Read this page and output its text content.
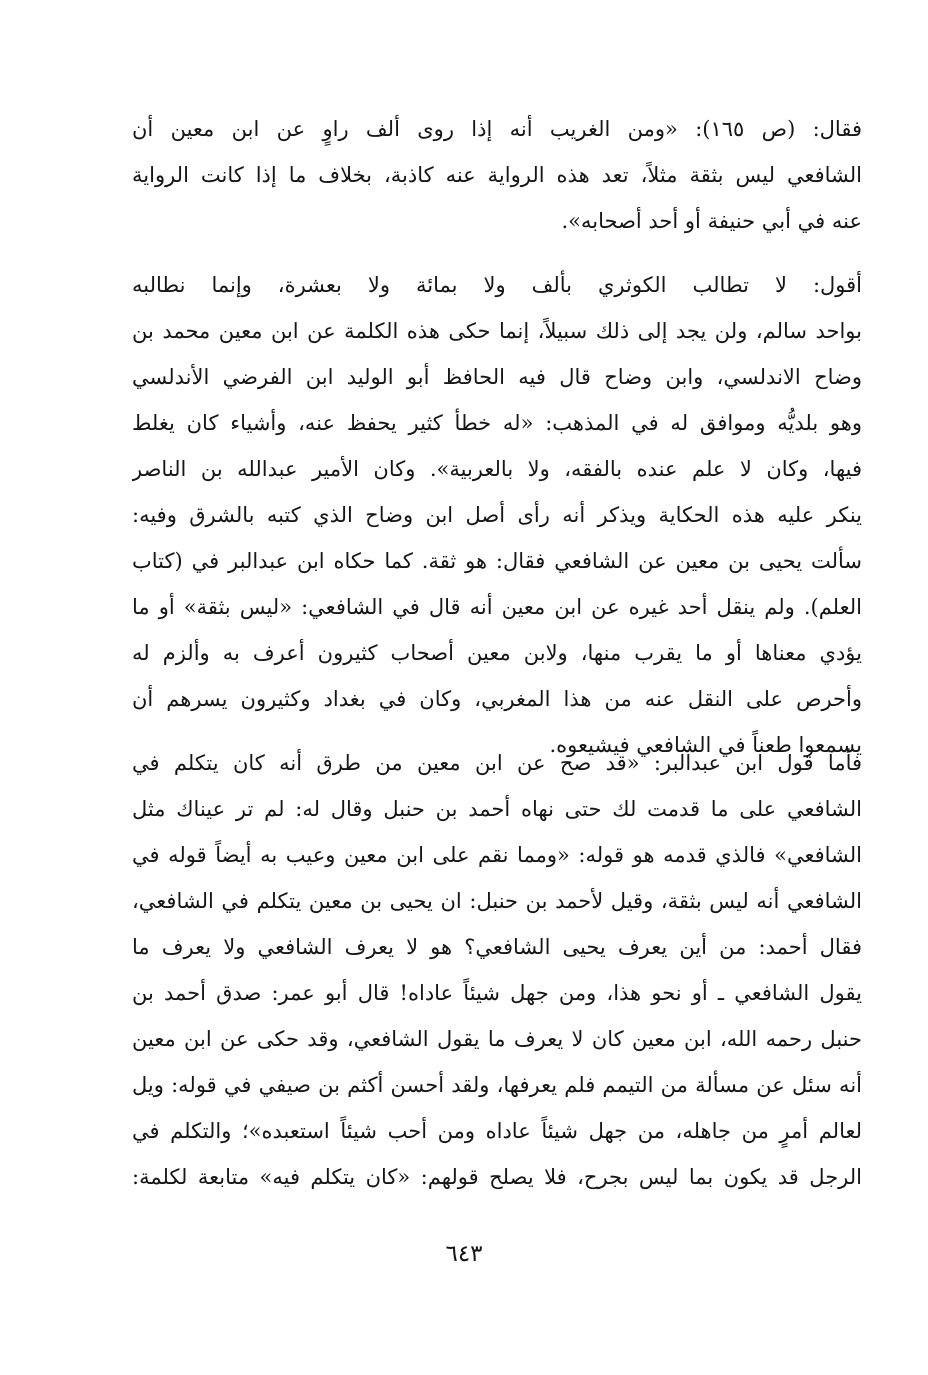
فقال: (ص ١٦٥): «ومن الغريب أنه إذا روى ألف راوٍ عن ابن معين أن
الشافعي ليس بثقة مثلاً، تعد هذه الرواية عنه كاذبة، بخلاف ما إذا كانت الرواية
عنه في أبي حنيفة أو أحد أصحابه».
أقول: لا تطالب الكوثري بألف ولا بمائة ولا بعشرة، وإنما نطالبه
بواحد سالم، ولن يجد إلى ذلك سبيلاً، إنما حكى هذه الكلمة عن ابن معين محمد بن
وضاح الاندلسي، وابن وضاح قال فيه الحافظ أبو الوليد ابن الفرضي الأندلسي
وهو بلديُّه وموافق له في المذهب: «له خطأ كثير يحفظ عنه، وأشياء كان يغلط
فيها، وكان لا علم عنده بالفقه، ولا بالعربية». وكان الأمير عبدالله بن الناصر
ينكر عليه هذه الحكاية ويذكر أنه رأى أصل ابن وضاح الذي كتبه بالشرق وفيه:
سألت يحيى بن معين عن الشافعي فقال: هو ثقة. كما حكاه ابن عبدالبر في (كتاب
العلم). ولم ينقل أحد غيره عن ابن معين أنه قال في الشافعي: «ليس بثقة» أو ما
يؤدي معناها أو ما يقرب منها، ولابن معين أصحاب كثيرون أعرف به وألزم له
وأحرص على النقل عنه من هذا المغربي، وكان في بغداد وكثيرون يسرهم أن
يسمعوا طعناً في الشافعي فيشيعوه.
فأما قول ابن عبدالبر: «قد صح عن ابن معين من طرق أنه كان يتكلم في
الشافعي على ما قدمت لك حتى نهاه أحمد بن حنبل وقال له: لم تر عيناك مثل
الشافعي» فالذي قدمه هو قوله: «ومما نقم على ابن معين وعيب به أيضاً قوله في
الشافعي أنه ليس بثقة، وقيل لأحمد بن حنبل: ان يحيى بن معين يتكلم في الشافعي،
فقال أحمد: من أين يعرف يحيى الشافعي؟ هو لا يعرف الشافعي ولا يعرف ما
يقول الشافعي ـ أو نحو هذا، ومن جهل شيئاً عاداه! قال أبو عمر: صدق أحمد بن
حنبل رحمه الله، ابن معين كان لا يعرف ما يقول الشافعي، وقد حكى عن ابن معين
أنه سئل عن مسألة من التيمم فلم يعرفها، ولقد أحسن أكثم بن صيفي في قوله: ويل
لعالم أمرٍ من جاهله، من جهل شيئاً عاداه ومن أحب شيئاً استعبده»؛ والتكلم في
الرجل قد يكون بما ليس بجرح، فلا يصلح قولهم: «كان يتكلم فيه» متابعة لكلمة:
٦٤٣
